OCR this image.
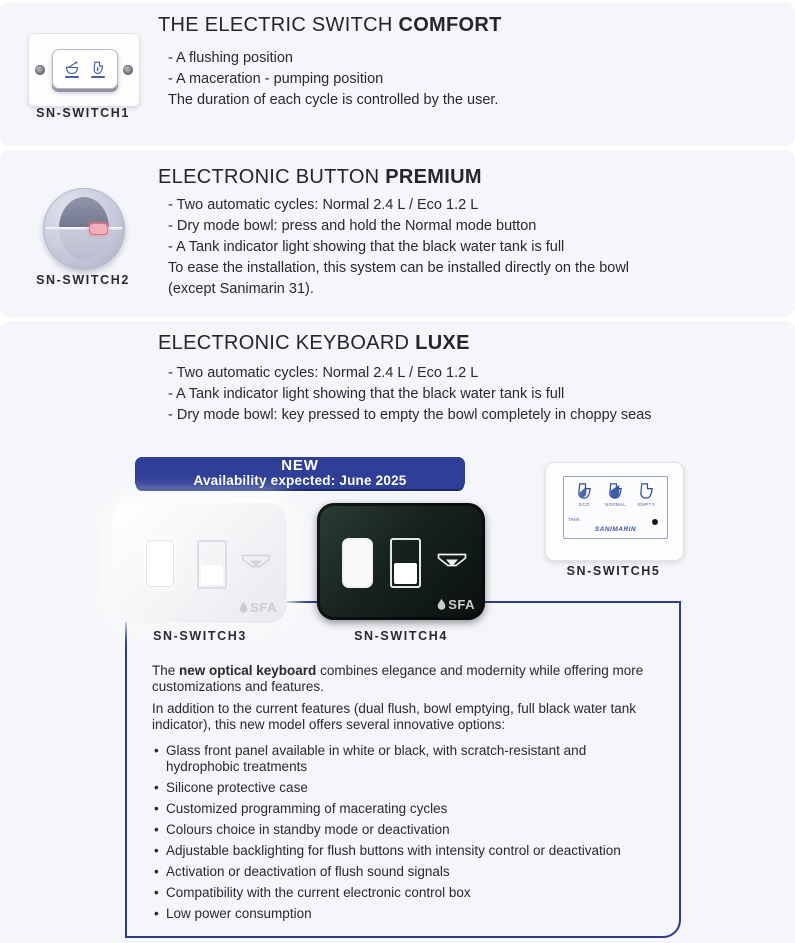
SN-SWITCH1
THE ELECTRIC SWITCH COMFORT
- A flushing position
- A maceration - pumping position
The duration of each cycle is controlled by the user.
SN-SWITCH2
ELECTRONIC BUTTON PREMIUM
- Two automatic cycles: Normal 2.4 L / Eco 1.2 L
- Dry mode bowl: press and hold the Normal mode button
- A Tank indicator light showing that the black water tank is full
To ease the installation, this system can be installed directly on the bowl
(except Sanimarin 31).
ELECTRONIC KEYBOARD LUXE
- Two automatic cycles: Normal 2.4 L / Eco 1.2 L
- A Tank indicator light showing that the black water tank is full
- Dry mode bowl: key pressed to empty the bowl completely in choppy seas
NEW
Availability expected: June 2025

The new optical keyboard combines elegance and modernity while offering more customizations and features.

In addition to the current features (dual flush, bowl emptying, full black water tank indicator), this new model offers several innovative options:

• Glass front panel available in white or black, with scratch-resistant and hydrophobic treatments
• Silicone protective case
• Customized programming of macerating cycles
• Colours choice in standby mode or deactivation
• Adjustable backlighting for flush buttons with intensity control or deactivation
• Activation or deactivation of flush sound signals
• Compatibility with the current electronic control box
• Low power consumption
SFA	SFA
ECO	NORMAL	EMPTY
TANK
SANIMARIN
SN-SWITCH3	SN-SWITCH4
SN-SWITCH5
